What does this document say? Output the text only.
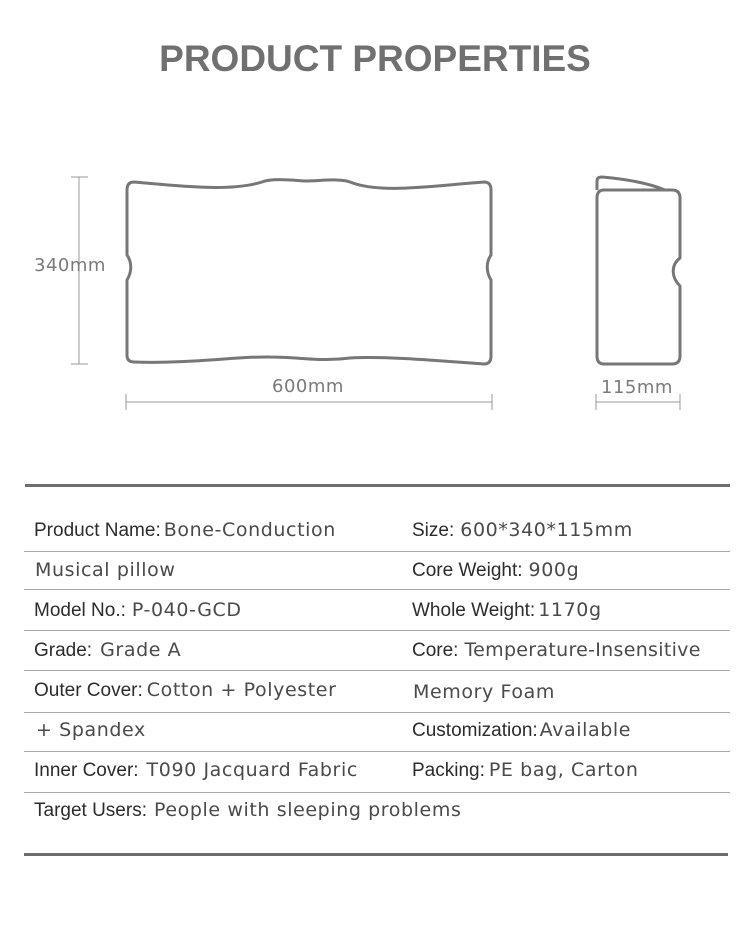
PRODUCT PROPERTIES
340mm
600mm	115mm
Product Name: Bone-Conduction	Size: 600*340*115mm
Musical pillow	Core Weight: 900g
Model No.: P-040-GCD	Whole Weight: 1170g
Grade: Grade A	Core: Temperature-Insensitive
Outer Cover: Cotton + Polyester	Memory Foam
+ Spandex	Customization: Available
Inner Cover: T090 Jacquard Fabric	Packing: PE bag, Carton
Target Users: People with sleeping problems
